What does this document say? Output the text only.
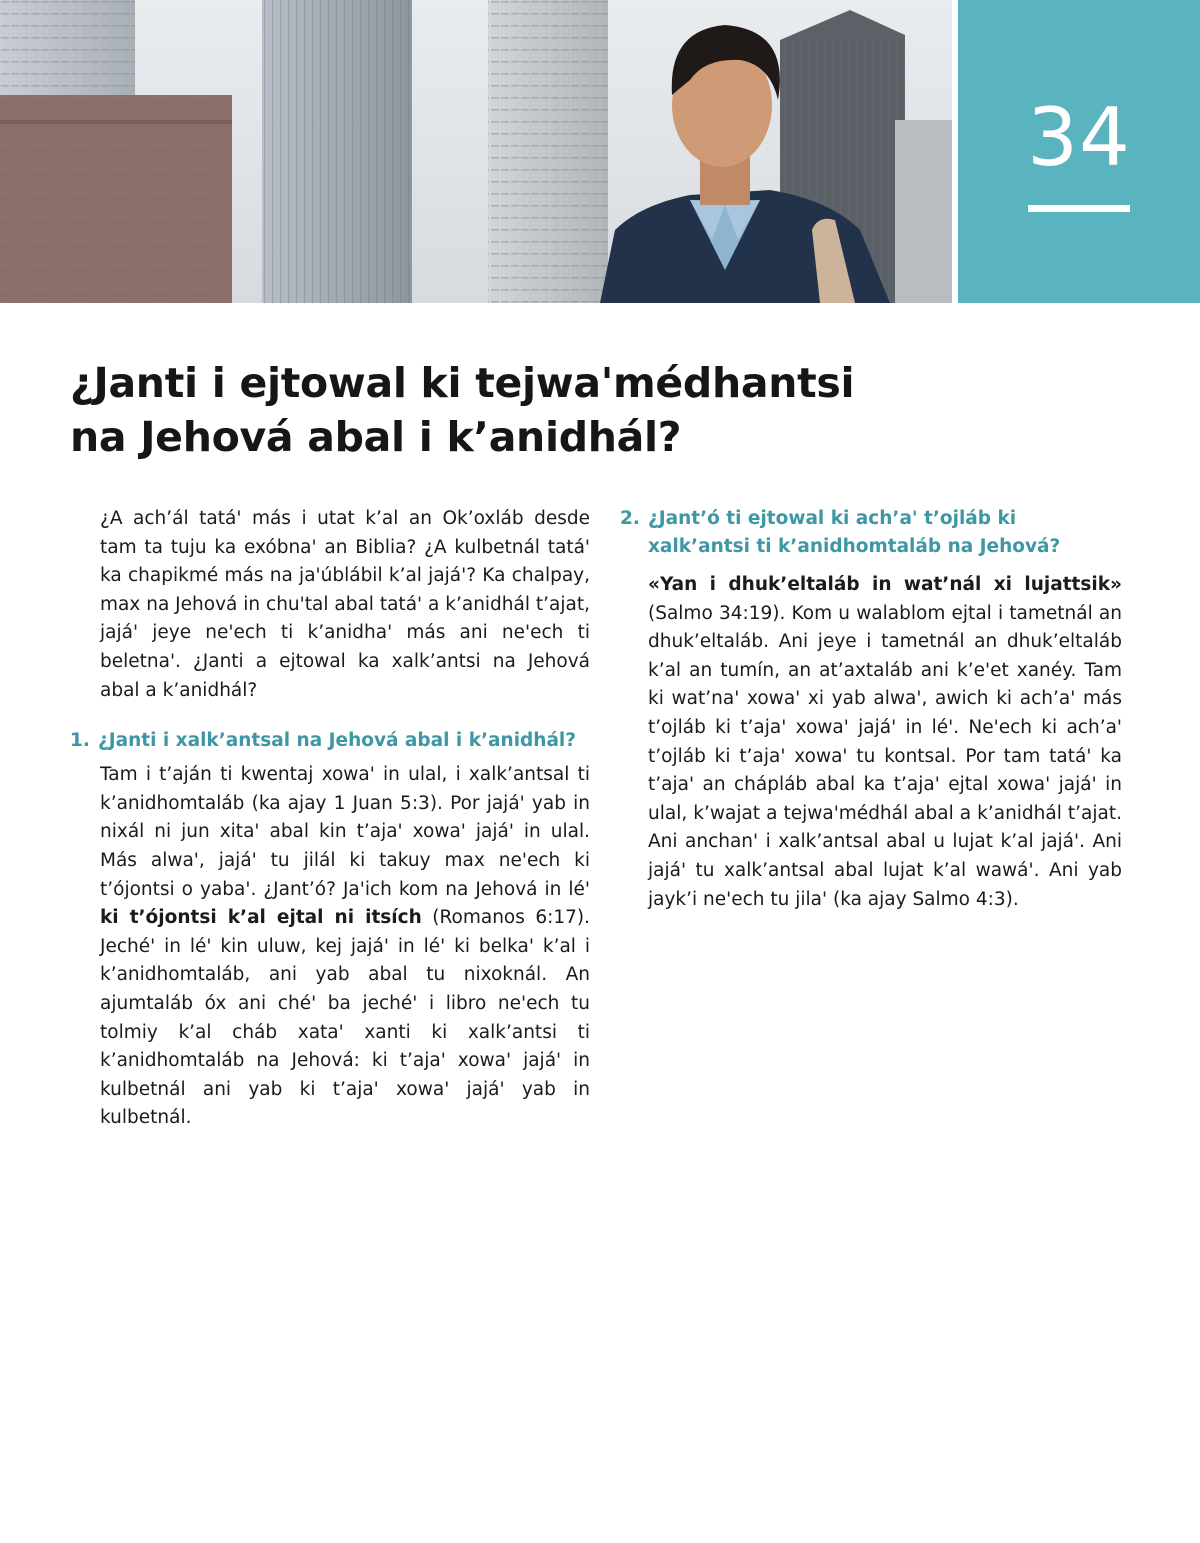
34
¿Janti i ejtowal ki tejwa'médhantsi
na Jehová abal i k’anidhál?

¿A ach’ál tatá' más i utat k’al an Ok’oxláb desde tam ta tuju ka exóbna' an Biblia? ¿A kulbetnál tatá' ka chapikmé más na ja'úblábil k’al jajá'? Ka chalpay, max na Jehová in chu'tal abal tatá' a k’anidhál t’ajat, jajá' jeye ne'ech ti k’anidha' más ani ne'ech ti beletna'. ¿Janti a ejtowal ka xalk’antsi na Jehová abal a k’anidhál?

1. ¿Janti i xalk’antsal na Jehová abal i k’anidhál?

Tam i t’aján ti kwentaj xowa' in ulal, i xalk’antsal ti k’anidhomtaláb (ka ajay 1 Juan 5:3). Por jajá' yab in nixál ni jun xita' abal kin t’aja' xowa' jajá' in ulal. Más alwa', jajá' tu jilál ki takuy max ne'ech ki t’ójontsi o yaba'. ¿Jant’ó? Ja'ich kom na Jehová in lé' ki t’ójontsi k’al ejtal ni itsích (Romanos 6:17). Jeché' in lé' kin uluw, kej jajá' in lé' ki belka' k’al i k’anidhomtaláb, ani yab abal tu nixoknál. An ajumtaláb óx ani ché' ba jeché' i libro ne'ech tu tolmiy k’al cháb xata' xanti ki xalk’antsi ti k’anidhomtaláb na Jehová: ki t’aja' xowa' jajá' in kulbetnál ani yab ki t’aja' xowa' jajá' yab in kulbetnál.

2. ¿Jant’ó ti ejtowal ki ach’a' t’ojláb ki xalk’antsi ti k’anidhomtaláb na Jehová?

«Yan i dhuk’eltaláb in wat’nál xi lujattsik» (Salmo 34:19). Kom u walablom ejtal i tametnál an dhuk’eltaláb. Ani jeye i tametnál an dhuk’eltaláb k’al an tumín, an at’axtaláb ani k’e'et xanéy. Tam ki wat’na' xowa' xi yab alwa', awich ki ach’a' más t’ojláb ki t’aja' xowa' jajá' in lé'. Ne'ech ki ach’a' t’ojláb ki t’aja' xowa' tu kontsal. Por tam tatá' ka t’aja' an chápláb abal ka t’aja' ejtal xowa' jajá' in ulal, k’wajat a tejwa'médhál abal a k’anidhál t’ajat. Ani anchan' i xalk’antsal abal u lujat k’al jajá'. Ani jajá' tu xalk’antsal abal lujat k’al wawá'. Ani yab jayk’i ne'ech tu jila' (ka ajay Salmo 4:3).
